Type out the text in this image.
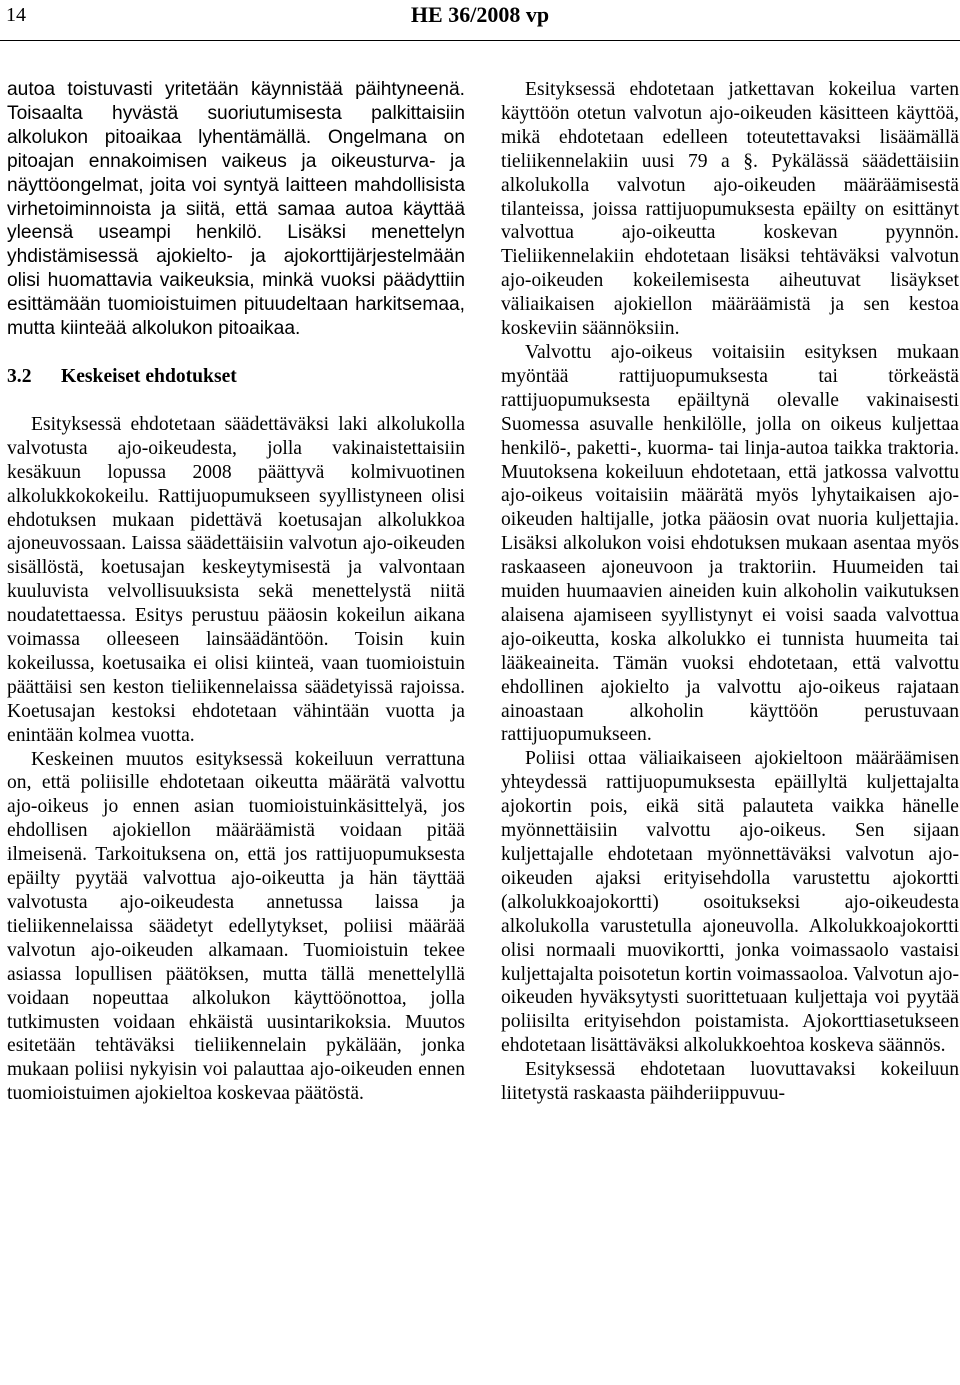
14	HE 36/2008 vp

autoa toistuvasti yritetään käynnistää päihtyneenä. Toisaalta hyvästä suoriutumisesta palkittaisiin alkolukon pitoaikaa lyhentämällä. Ongelmana on pitoajan ennakoimisen vaikeus ja oikeusturva- ja näyttöongelmat, joita voi syntyä laitteen mahdollisista virhetoiminnoista ja siitä, että samaa autoa käyttää yleensä useampi henkilö. Lisäksi menettelyn yhdistämisessä ajokielto- ja ajokorttijärjestelmään olisi huomattavia vaikeuksia, minkä vuoksi päädyttiin esittämään tuomioistuimen pituudeltaan harkitsemaa, mutta kiinteää alkolukon pitoaikaa.

3.2 Keskeiset ehdotukset

Esityksessä ehdotetaan säädettäväksi laki alkolukolla valvotusta ajo-oikeudesta, jolla vakinaistettaisiin kesäkuun lopussa 2008 päättyvä kolmivuotinen alkolukkokokeilu. Rattijuopumukseen syyllistyneen olisi ehdotuksen mukaan pidettävä koetusajan alkolukkoa ajoneuvossaan. Laissa säädettäisiin valvotun ajo-oikeuden sisällöstä, koetusajan keskeytymisestä ja valvontaan kuuluvista velvollisuuksista sekä menettelystä niitä noudatettaessa. Esitys perustuu pääosin kokeilun aikana voimassa olleeseen lainsäädäntöön. Toisin kuin kokeilussa, koetusaika ei olisi kiinteä, vaan tuomioistuin päättäisi sen keston tieliikennelaissa säädetyissä rajoissa. Koetusajan kestoksi ehdotetaan vähintään vuotta ja enintään kolmea vuotta.

Keskeinen muutos esityksessä kokeiluun verrattuna on, että poliisille ehdotetaan oikeutta määrätä valvottu ajo-oikeus jo ennen asian tuomioistuinkäsittelyä, jos ehdollisen ajokiellon määräämistä voidaan pitää ilmeisenä. Tarkoituksena on, että jos rattijuopumuksesta epäilty pyytää valvottua ajo-oikeutta ja hän täyttää valvotusta ajo-oikeudesta annetussa laissa ja tieliikennelaissa säädetyt edellytykset, poliisi määrää valvotun ajo-oikeuden alkamaan. Tuomioistuin tekee asiassa lopullisen päätöksen, mutta tällä menettelyllä voidaan nopeuttaa alkolukon käyttöönottoa, jolla tutkimusten voidaan ehkäistä uusintarikoksia. Muutos esitetään tehtäväksi tieliikennelain pykälään, jonka mukaan poliisi nykyisin voi palauttaa ajo-oikeuden ennen tuomioistuimen ajokieltoa koskevaa päätöstä.

Esityksessä ehdotetaan jatkettavan kokeilua varten käyttöön otetun valvotun ajo-oikeuden käsitteen käyttöä, mikä ehdotetaan edelleen toteutettavaksi lisäämällä tieliikennelakiin uusi 79 a §. Pykälässä säädettäisiin alkolukolla valvotun ajo-oikeuden määräämisestä tilanteissa, joissa rattijuopumuksesta epäilty on esittänyt valvottua ajo-oikeutta koskevan pyynnön. Tieliikennelakiin ehdotetaan lisäksi tehtäväksi valvotun ajo-oikeuden kokeilemisesta aiheutuvat lisäykset väliaikaisen ajokiellon määräämistä ja sen kestoa koskeviin säännöksiin.

Valvottu ajo-oikeus voitaisiin esityksen mukaan myöntää rattijuopumuksesta tai törkeästä rattijuopumuksesta epäiltynä olevalle vakinaisesti Suomessa asuvalle henkilölle, jolla on oikeus kuljettaa henkilö-, paketti-, kuorma- tai linja-autoa taikka traktoria. Muutoksena kokeiluun ehdotetaan, että jatkossa valvottu ajo-oikeus voitaisiin määrätä myös lyhytaikaisen ajo-oikeuden haltijalle, jotka pääosin ovat nuoria kuljettajia. Lisäksi alkolukon voisi ehdotuksen mukaan asentaa myös raskaaseen ajoneuvoon ja traktoriin. Huumeiden tai muiden huumaavien aineiden kuin alkoholin vaikutuksen alaisena ajamiseen syyllistynyt ei voisi saada valvottua ajo-oikeutta, koska alkolukko ei tunnista huumeita tai lääkeaineita. Tämän vuoksi ehdotetaan, että valvottu ehdollinen ajokielto ja valvottu ajo-oikeus rajataan ainoastaan alkoholin käyttöön perustuvaan rattijuopumukseen.

Poliisi ottaa väliaikaiseen ajokieltoon määräämisen yhteydessä rattijuopumuksesta epäillyltä kuljettajalta ajokortin pois, eikä sitä palauteta vaikka hänelle myönnettäisiin valvottu ajo-oikeus. Sen sijaan kuljettajalle ehdotetaan myönnettäväksi valvotun ajo-oikeuden ajaksi erityisehdolla varustettu ajokortti (alkolukkoajokortti) osoitukseksi ajo-oikeudesta alkolukolla varustetulla ajoneuvolla. Alkolukkoajokortti olisi normaali muovikortti, jonka voimassaolo vastaisi kuljettajalta poisotetun kortin voimassaoloa. Valvotun ajo-oikeuden hyväksytysti suorittetuaan kuljettaja voi pyytää poliisilta erityisehdon poistamista. Ajokorttiasetukseen ehdotetaan lisättäväksi alkolukkoehtoa koskeva säännös.

Esityksessä ehdotetaan luovuttavaksi kokeiluun liitetystä raskaasta päihderiippuvuu-
